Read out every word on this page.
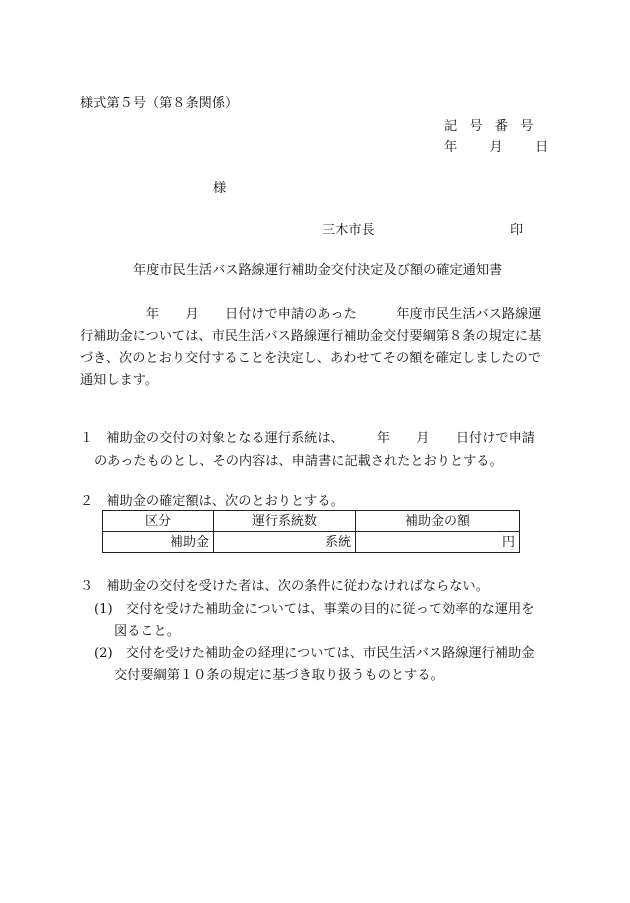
様式第５号（第８条関係）
記 号 番 号
年　　月　　日
様
三木市長	印
年度市民生活バス路線運行補助金交付決定及び額の確定通知書
　　　　　年　　月　　日付けで申請のあった　　　年度市民生活バス路線運
行補助金については、市民生活バス路線運行補助金交付要綱第８条の規定に基
づき、次のとおり交付することを決定し、あわせてその額を確定しましたので
通知します。
１　補助金の交付の対象となる運行系統は、　　　年　　月　　日付けで申請
のあったものとし、その内容は、申請書に記載されたとおりとする。
２　補助金の確定額は、次のとおりとする。
区分	運行系統数	補助金の額
補助金	系統	円
３　補助金の交付を受けた者は、次の条件に従わなければならない。
(1)　交付を受けた補助金については、事業の目的に従って効率的な運用を
図ること。
(2)　交付を受けた補助金の経理については、市民生活バス路線運行補助金
交付要綱第１０条の規定に基づき取り扱うものとする。
